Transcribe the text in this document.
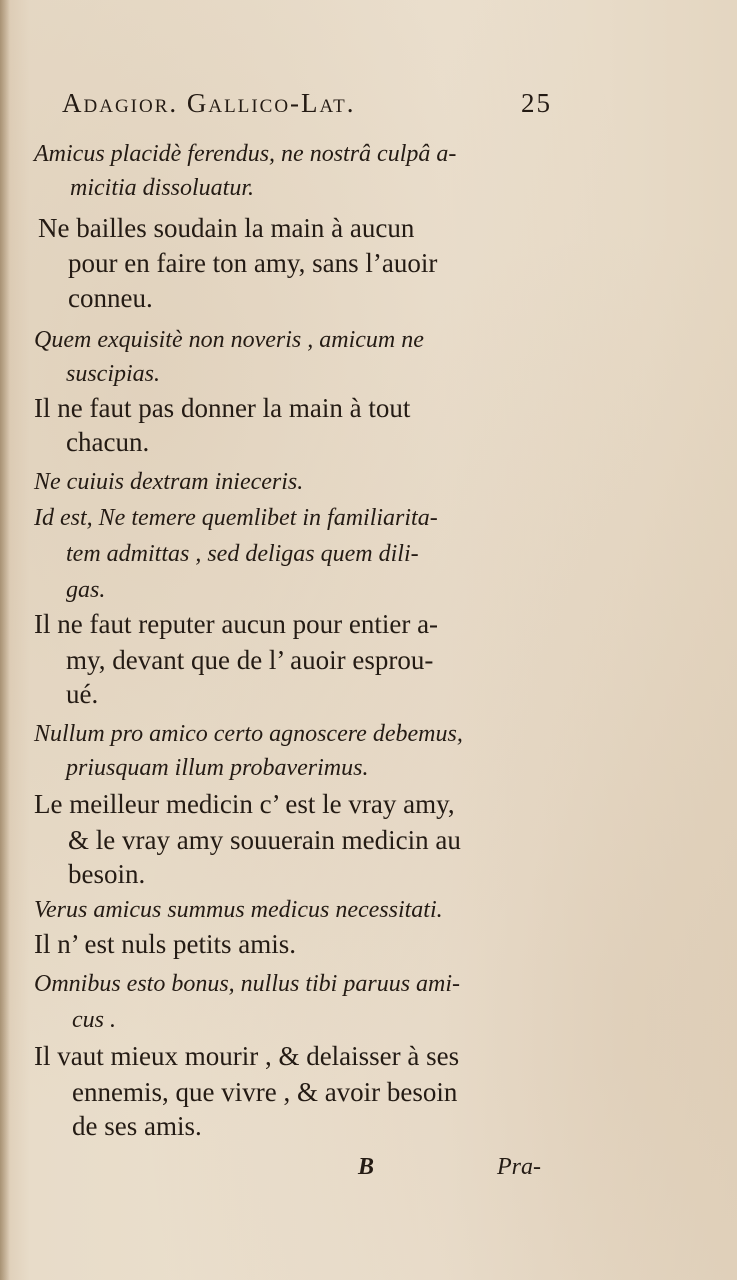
Adagior. Gallico-Lat.	25
Amicus placidè ferendus, ne nostrâ culpâ a-
micitia dissoluatur.
Ne bailles soudain la main à aucun
pour en faire ton amy, sans l’auoir
conneu.
Quem exquisitè non noveris , amicum ne
suscipias.
Il ne faut pas donner la main à tout
chacun.
Ne cuiuis dextram inieceris.
Id est, Ne temere quemlibet in familiarita-
tem admittas , sed deligas quem dili-
gas.
Il ne faut reputer aucun pour entier a-
my, devant que de l’ auoir esprou-
ué.
Nullum pro amico certo agnoscere debemus,
priusquam illum probaverimus.
Le meilleur medicin c’ est le vray amy,
& le vray amy souuerain medicin au
besoin.
Verus amicus summus medicus necessitati.
Il n’ est nuls petits amis.
Omnibus esto bonus, nullus tibi paruus ami-
cus .
Il vaut mieux mourir , & delaisser à ses
ennemis, que vivre , & avoir besoin
de ses amis.
B	Pra-
